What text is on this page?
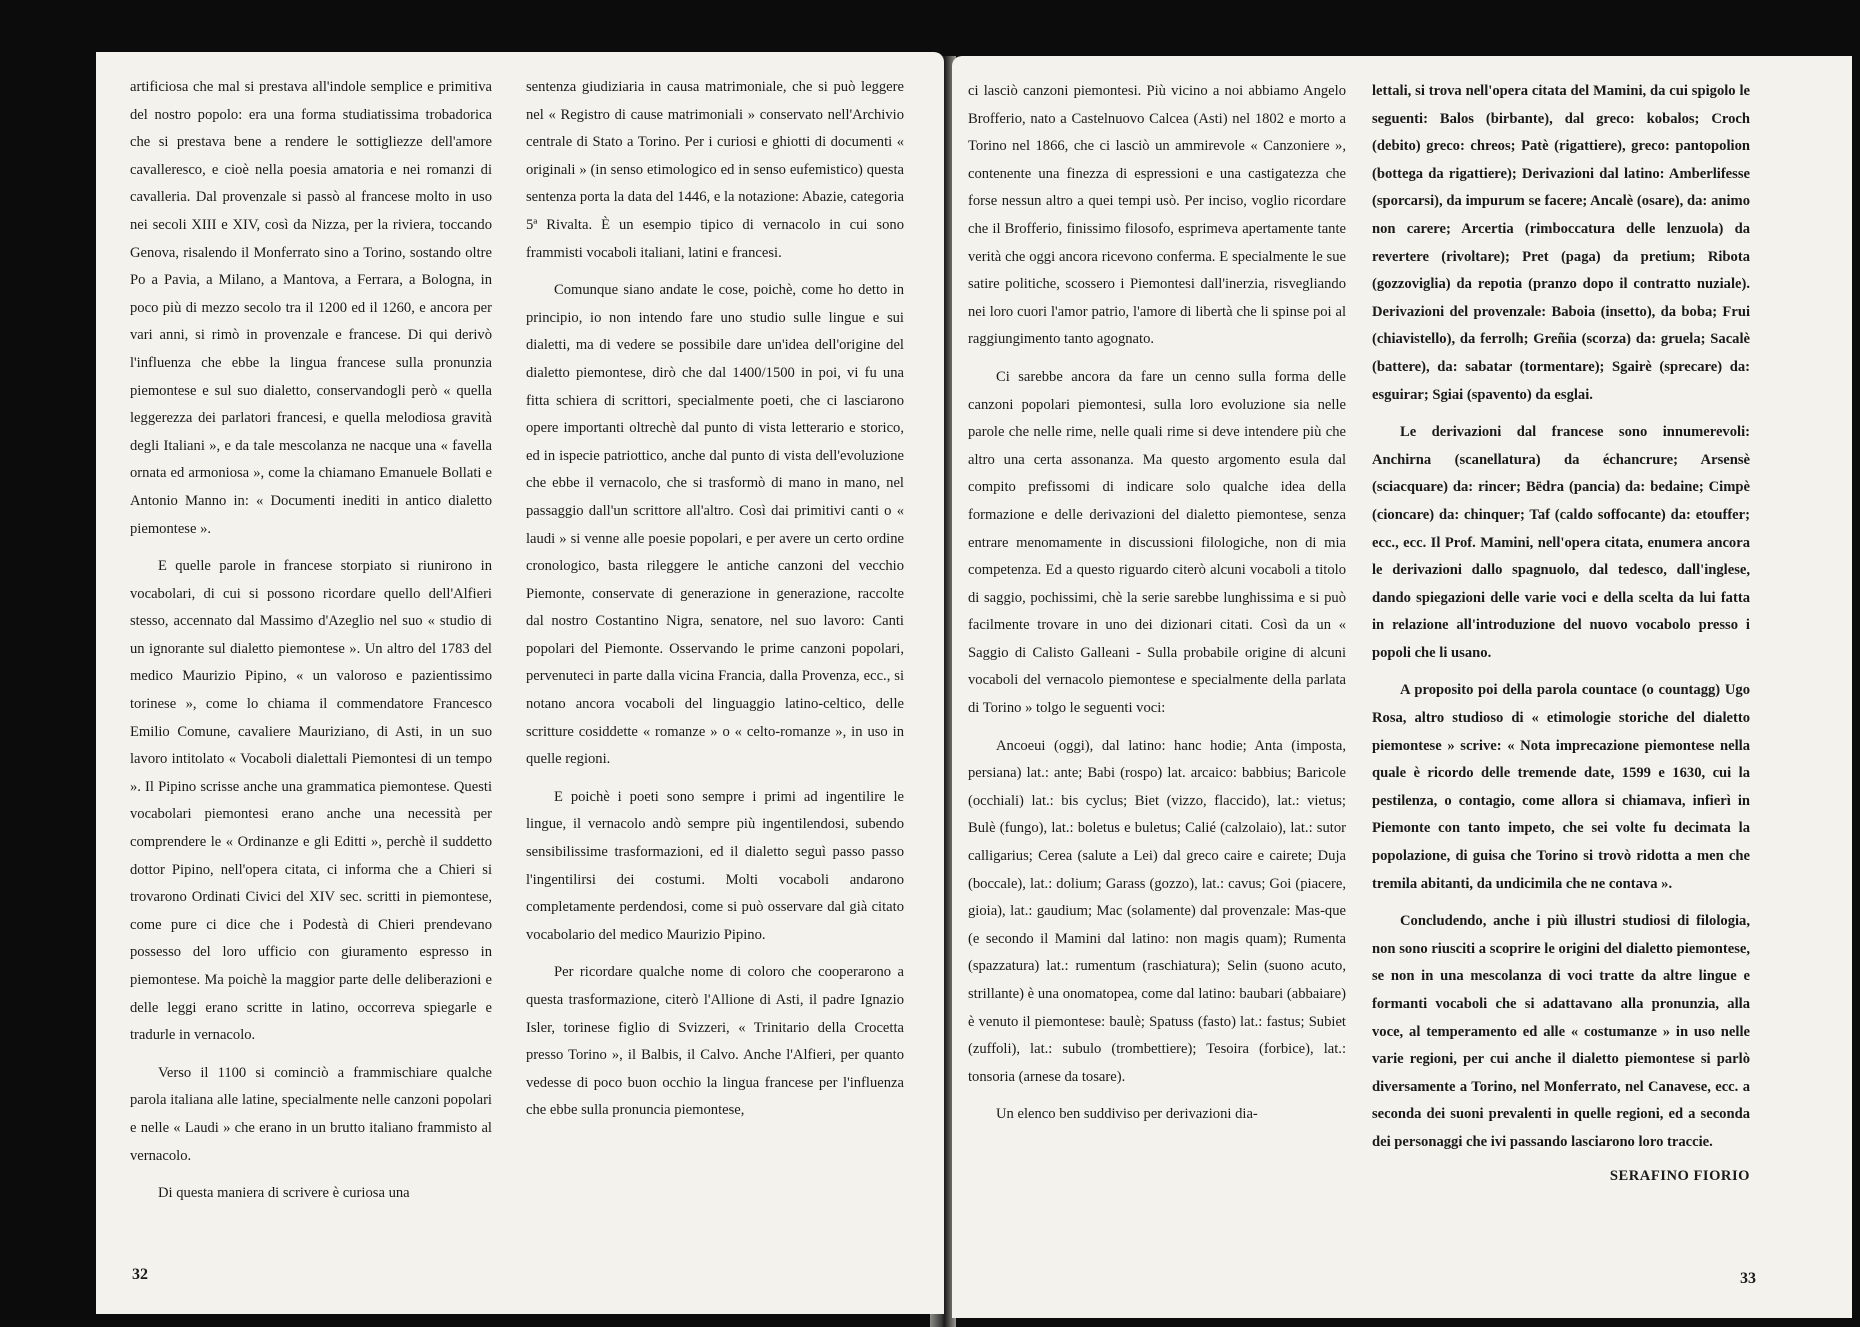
artificiosa che mal si prestava all'indole semplice e primitiva del nostro popolo: era una forma studiatissima trobadorica che si prestava bene a rendere le sottigliezze dell'amore cavalleresco, e cioè nella poesia amatoria e nei romanzi di cavalleria. Dal provenzale si passò al francese molto in uso nei secoli XIII e XIV, così da Nizza, per la riviera, toccando Genova, risalendo il Monferrato sino a Torino, sostando oltre Po a Pavia, a Milano, a Mantova, a Ferrara, a Bologna, in poco più di mezzo secolo tra il 1200 ed il 1260, e ancora per vari anni, si rimò in provenzale e francese. Di qui derivò l'influenza che ebbe la lingua francese sulla pronunzia piemontese e sul suo dialetto, conservandogli però « quella leggerezza dei parlatori francesi, e quella melodiosa gravità degli Italiani », e da tale mescolanza ne nacque una « favella ornata ed armoniosa », come la chiamano Emanuele Bollati e Antonio Manno in: « Documenti inediti in antico dialetto piemontese ».

E quelle parole in francese storpiato si riunirono in vocabolari, di cui si possono ricordare quello dell'Alfieri stesso, accennato dal Massimo d'Azeglio nel suo « studio di un ignorante sul dialetto piemontese ». Un altro del 1783 del medico Maurizio Pipino, « un valoroso e pazientissimo torinese », come lo chiama il commendatore Francesco Emilio Comune, cavaliere Mauriziano, di Asti, in un suo lavoro intitolato « Vocaboli dialettali Piemontesi di un tempo ». Il Pipino scrisse anche una grammatica piemontese. Questi vocabolari piemontesi erano anche una necessità per comprendere le « Ordinanze e gli Editti », perchè il suddetto dottor Pipino, nell'opera citata, ci informa che a Chieri si trovarono Ordinati Civici del XIV sec. scritti in piemontese, come pure ci dice che i Podestà di Chieri prendevano possesso del loro ufficio con giuramento espresso in piemontese. Ma poichè la maggior parte delle deliberazioni e delle leggi erano scritte in latino, occorreva spiegarle e tradurle in vernacolo.

Verso il 1100 si cominciò a frammischiare qualche parola italiana alle latine, specialmente nelle canzoni popolari e nelle « Laudi » che erano in un brutto italiano frammisto al vernacolo.

Di questa maniera di scrivere è curiosa una

sentenza giudiziaria in causa matrimoniale, che si può leggere nel « Registro di cause matrimoniali » conservato nell'Archivio centrale di Stato a Torino. Per i curiosi e ghiotti di documenti « originali » (in senso etimologico ed in senso eufemistico) questa sentenza porta la data del 1446, e la notazione: Abazie, categoria 5ª Rivalta. È un esempio tipico di vernacolo in cui sono frammisti vocaboli italiani, latini e francesi.

Comunque siano andate le cose, poichè, come ho detto in principio, io non intendo fare uno studio sulle lingue e sui dialetti, ma di vedere se possibile dare un'idea dell'origine del dialetto piemontese, dirò che dal 1400/1500 in poi, vi fu una fitta schiera di scrittori, specialmente poeti, che ci lasciarono opere importanti oltrechè dal punto di vista letterario e storico, ed in ispecie patriottico, anche dal punto di vista dell'evoluzione che ebbe il vernacolo, che si trasformò di mano in mano, nel passaggio dall'un scrittore all'altro. Così dai primitivi canti o « laudi » si venne alle poesie popolari, e per avere un certo ordine cronologico, basta rileggere le antiche canzoni del vecchio Piemonte, conservate di generazione in generazione, raccolte dal nostro Costantino Nigra, senatore, nel suo lavoro: Canti popolari del Piemonte. Osservando le prime canzoni popolari, pervenuteci in parte dalla vicina Francia, dalla Provenza, ecc., si notano ancora vocaboli del linguaggio latino-celtico, delle scritture cosiddette « romanze » o « celto-romanze », in uso in quelle regioni.

E poichè i poeti sono sempre i primi ad ingentilire le lingue, il vernacolo andò sempre più ingentilendosi, subendo sensibilissime trasformazioni, ed il dialetto seguì passo passo l'ingentilirsi dei costumi. Molti vocaboli andarono completamente perdendosi, come si può osservare dal già citato vocabolario del medico Maurizio Pipino.

Per ricordare qualche nome di coloro che cooperarono a questa trasformazione, citerò l'Allione di Asti, il padre Ignazio Isler, torinese figlio di Svizzeri, « Trinitario della Crocetta presso Torino », il Balbis, il Calvo. Anche l'Alfieri, per quanto vedesse di poco buon occhio la lingua francese per l'influenza che ebbe sulla pronuncia piemontese,

32

ci lasciò canzoni piemontesi. Più vicino a noi abbiamo Angelo Brofferio, nato a Castelnuovo Calcea (Asti) nel 1802 e morto a Torino nel 1866, che ci lasciò un ammirevole « Canzoniere », contenente una finezza di espressioni e una castigatezza che forse nessun altro a quei tempi usò. Per inciso, voglio ricordare che il Brofferio, finissimo filosofo, esprimeva apertamente tante verità che oggi ancora ricevono conferma. E specialmente le sue satire politiche, scossero i Piemontesi dall'inerzia, risvegliando nei loro cuori l'amor patrio, l'amore di libertà che li spinse poi al raggiungimento tanto agognato.

Ci sarebbe ancora da fare un cenno sulla forma delle canzoni popolari piemontesi, sulla loro evoluzione sia nelle parole che nelle rime, nelle quali rime si deve intendere più che altro una certa assonanza. Ma questo argomento esula dal compito prefissomi di indicare solo qualche idea della formazione e delle derivazioni del dialetto piemontese, senza entrare menomamente in discussioni filologiche, non di mia competenza. Ed a questo riguardo citerò alcuni vocaboli a titolo di saggio, pochissimi, chè la serie sarebbe lunghissima e si può facilmente trovare in uno dei dizionari citati. Così da un « Saggio di Calisto Galleani - Sulla probabile origine di alcuni vocaboli del vernacolo piemontese e specialmente della parlata di Torino » tolgo le seguenti voci:

Ancoeui (oggi), dal latino: hanc hodie; Anta (imposta, persiana) lat.: ante; Babi (rospo) lat. arcaico: babbius; Baricole (occhiali) lat.: bis cyclus; Biet (vizzo, flaccido), lat.: vietus; Bulè (fungo), lat.: boletus e buletus; Calié (calzolaio), lat.: sutor calligarius; Cerea (salute a Lei) dal greco caire e cairete; Duja (boccale), lat.: dolium; Garass (gozzo), lat.: cavus; Goi (piacere, gioia), lat.: gaudium; Mac (solamente) dal provenzale: Mas-que (e secondo il Mamini dal latino: non magis quam); Rumenta (spazzatura) lat.: rumentum (raschiatura); Selin (suono acuto, strillante) è una onomatopea, come dal latino: baubari (abbaiare) è venuto il piemontese: baulè; Spatuss (fasto) lat.: fastus; Subiet (zuffoli), lat.: subulo (trombettiere); Tesoira (forbice), lat.: tonsoria (arnese da tosare).

Un elenco ben suddiviso per derivazioni dia-

lettali, si trova nell'opera citata del Mamini, da cui spigolo le seguenti: Balos (birbante), dal greco: kobalos; Croch (debito) greco: chreos; Patè (rigattiere), greco: pantopolion (bottega da rigattiere); Derivazioni dal latino: Amberlifesse (sporcarsi), da impurum se facere; Ancalè (osare), da: animo non carere; Arcertia (rimboccatura delle lenzuola) da revertere (rivoltare); Pret (paga) da pretium; Ribota (gozzoviglia) da repotia (pranzo dopo il contratto nuziale). Derivazioni del provenzale: Baboia (insetto), da boba; Frui (chiavistello), da ferrolh; Greñia (scorza) da: gruela; Sacalè (battere), da: sabatar (tormentare); Sgairè (sprecare) da: esguirar; Sgiai (spavento) da esglai.

Le derivazioni dal francese sono innumerevoli: Anchirna (scanellatura) da échancrure; Arsensè (sciacquare) da: rincer; Bëdra (pancia) da: bedaine; Cimpè (cioncare) da: chinquer; Taf (caldo soffocante) da: etouffer; ecc., ecc. Il Prof. Mamini, nell'opera citata, enumera ancora le derivazioni dallo spagnuolo, dal tedesco, dall'inglese, dando spiegazioni delle varie voci e della scelta da lui fatta in relazione all'introduzione del nuovo vocabolo presso i popoli che li usano.

A proposito poi della parola countace (o countagg) Ugo Rosa, altro studioso di « etimologie storiche del dialetto piemontese » scrive: « Nota imprecazione piemontese nella quale è ricordo delle tremende date, 1599 e 1630, cui la pestilenza, o contagio, come allora si chiamava, infierì in Piemonte con tanto impeto, che sei volte fu decimata la popolazione, di guisa che Torino si trovò ridotta a men che tremila abitanti, da undicimila che ne contava ».

Concludendo, anche i più illustri studiosi di filologia, non sono riusciti a scoprire le origini del dialetto piemontese, se non in una mescolanza di voci tratte da altre lingue e formanti vocaboli che si adattavano alla pronunzia, alla voce, al temperamento ed alle « costumanze » in uso nelle varie regioni, per cui anche il dialetto piemontese si parlò diversamente a Torino, nel Monferrato, nel Canavese, ecc. a seconda dei suoni prevalenti in quelle regioni, ed a seconda dei personaggi che ivi passando lasciarono loro traccie.

SERAFINO FIORIO
33
